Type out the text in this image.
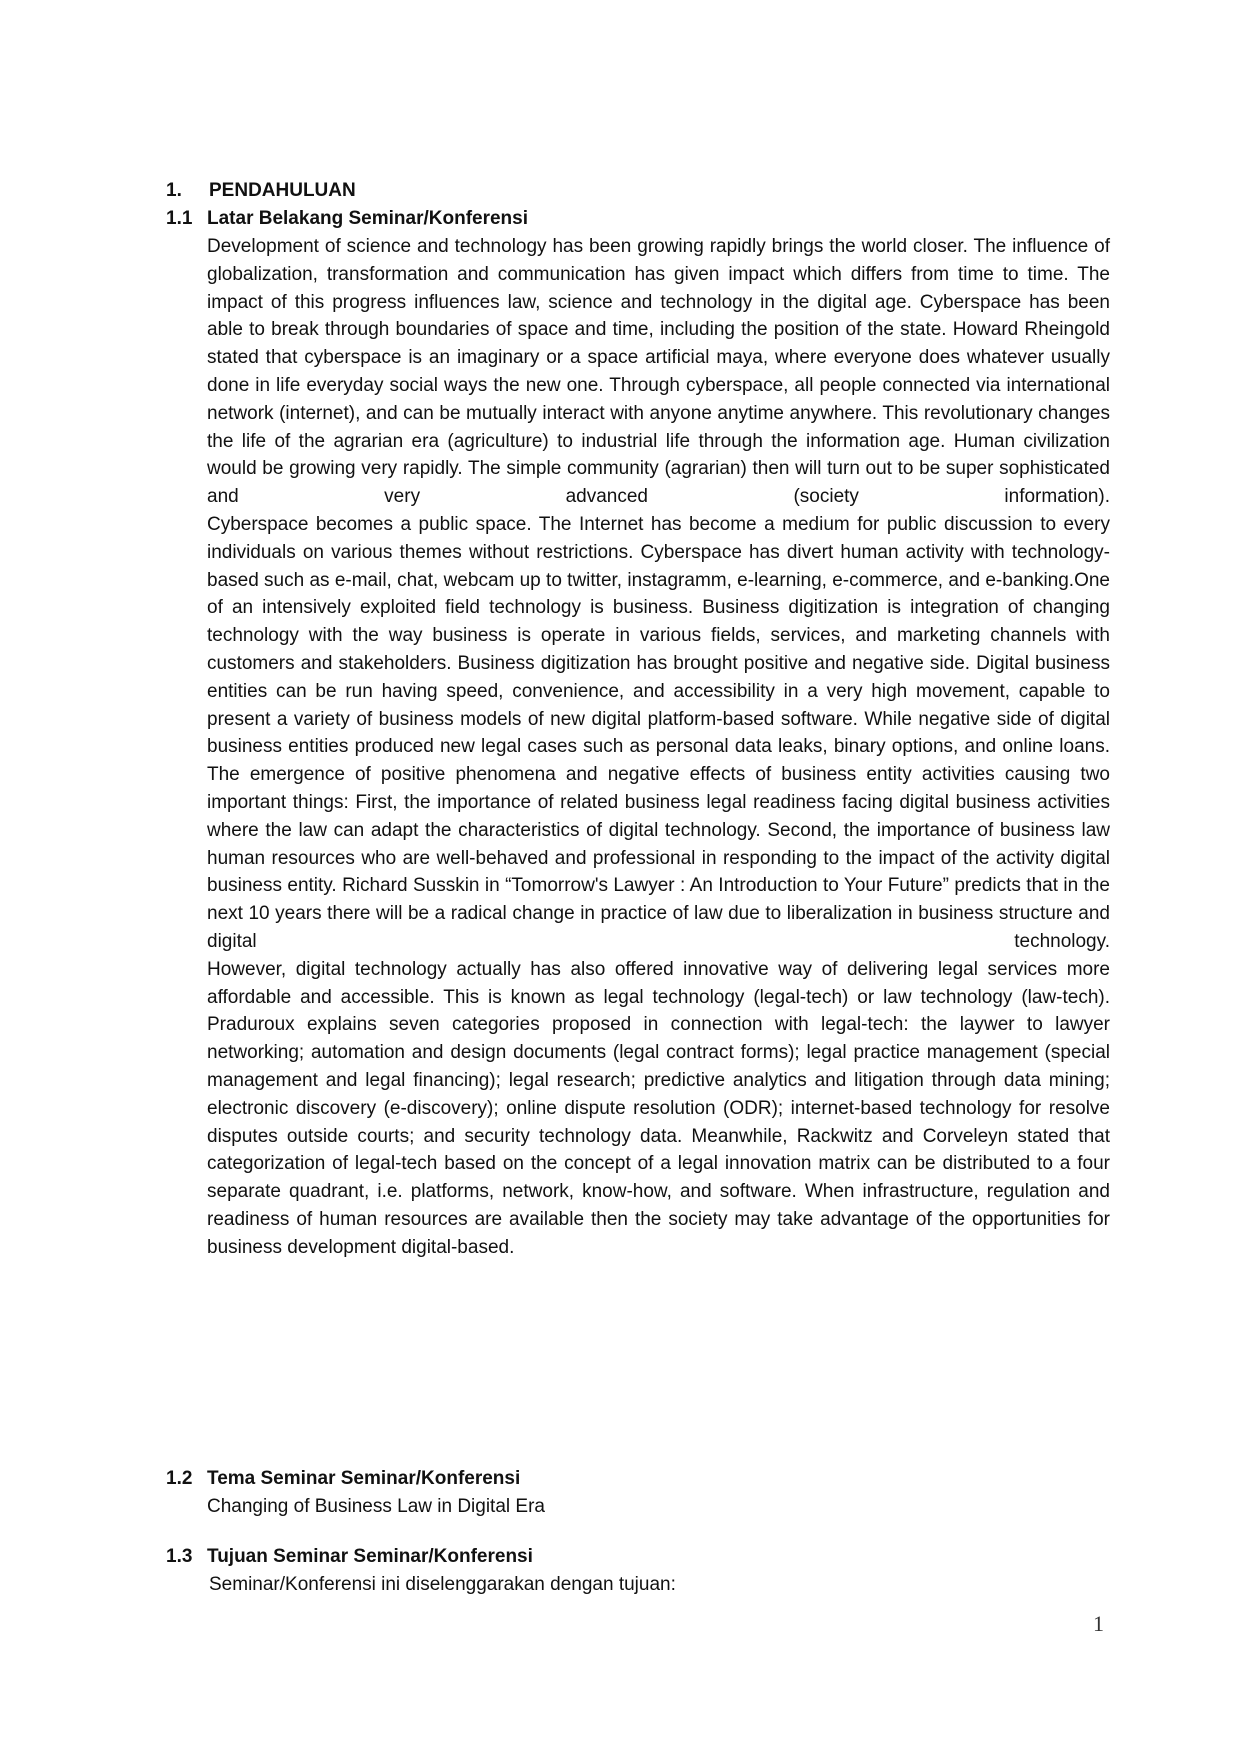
1. PENDAHULUAN
1.1 Latar Belakang Seminar/Konferensi

Development of science and technology has been growing rapidly brings the world closer. The influence of globalization, transformation and communication has given impact which differs from time to time. The impact of this progress influences law, science and technology in the digital age. Cyberspace has been able to break through boundaries of space and time, including the position of the state. Howard Rheingold stated that cyberspace is an imaginary or a space artificial maya, where everyone does whatever usually done in life everyday social ways the new one. Through cyberspace, all people connected via international network (internet), and can be mutually interact with anyone anytime anywhere. This revolutionary changes the life of the agrarian era (agriculture) to industrial life through the information age. Human civilization would be growing very rapidly. The simple community (agrarian) then will turn out to be super sophisticated and very advanced (society information).

Cyberspace becomes a public space. The Internet has become a medium for public discussion to every individuals on various themes without restrictions. Cyberspace has divert human activity with technology-based such as e-mail, chat, webcam up to twitter, instagramm, e-learning, e-commerce, and e-banking.One of an intensively exploited field technology is business. Business digitization is integration of changing technology with the way business is operate in various fields, services, and marketing channels with customers and stakeholders. Business digitization has brought positive and negative side. Digital business entities can be run having speed, convenience, and accessibility in a very high movement, capable to present a variety of business models of new digital platform-based software. While negative side of digital business entities produced new legal cases such as personal data leaks, binary options, and online loans. The emergence of positive phenomena and negative effects of business entity activities causing two important things: First, the importance of related business legal readiness facing digital business activities where the law can adapt the characteristics of digital technology. Second, the importance of business law human resources who are well-behaved and professional in responding to the impact of the activity digital business entity. Richard Susskin in “Tomorrow's Lawyer : An Introduction to Your Future” predicts that in the next 10 years there will be a radical change in practice of law due to liberalization in business structure and digital technology.

However, digital technology actually has also offered innovative way of delivering legal services more affordable and accessible. This is known as legal technology (legal-tech) or law technology (law-tech). Praduroux explains seven categories proposed in connection with legal-tech: the laywer to lawyer networking; automation and design documents (legal contract forms); legal practice management (special management and legal financing); legal research; predictive analytics and litigation through data mining; electronic discovery (e-discovery); online dispute resolution (ODR); internet-based technology for resolve disputes outside courts; and security technology data. Meanwhile, Rackwitz and Corveleyn stated that categorization of legal-tech based on the concept of a legal innovation matrix can be distributed to a four separate quadrant, i.e. platforms, network, know-how, and software. When infrastructure, regulation and readiness of human resources are available then the society may take advantage of the opportunities for business development digital-based.

1.2 Tema Seminar Seminar/Konferensi
Changing of Business Law in Digital Era
1.3 Tujuan Seminar Seminar/Konferensi
Seminar/Konferensi ini diselenggarakan dengan tujuan:
1
